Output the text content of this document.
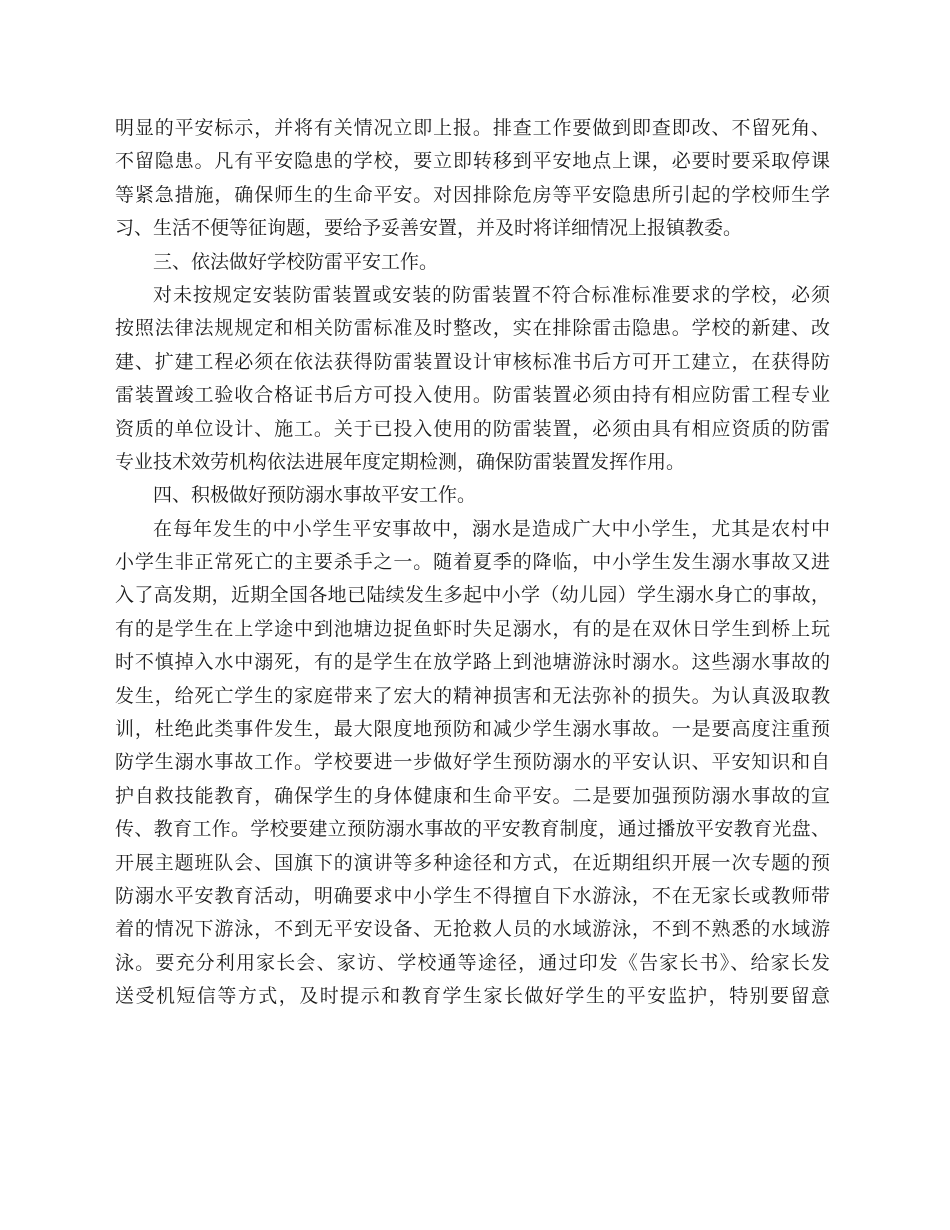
明显的平安标示，并将有关情况立即上报。排查工作要做到即查即改、不留死角、
不留隐患。凡有平安隐患的学校，要立即转移到平安地点上课，必要时要采取停课
等紧急措施，确保师生的生命平安。对因排除危房等平安隐患所引起的学校师生学
习、生活不便等征询题，要给予妥善安置，并及时将详细情况上报镇教委。
三、依法做好学校防雷平安工作。
对未按规定安装防雷装置或安装的防雷装置不符合标准标准要求的学校，必须
按照法律法规规定和相关防雷标准及时整改，实在排除雷击隐患。学校的新建、改
建、扩建工程必须在依法获得防雷装置设计审核标准书后方可开工建立，在获得防
雷装置竣工验收合格证书后方可投入使用。防雷装置必须由持有相应防雷工程专业
资质的单位设计、施工。关于已投入使用的防雷装置，必须由具有相应资质的防雷
专业技术效劳机构依法进展年度定期检测，确保防雷装置发挥作用。
四、积极做好预防溺水事故平安工作。
在每年发生的中小学生平安事故中，溺水是造成广大中小学生，尤其是农村中
小学生非正常死亡的主要杀手之一。随着夏季的降临，中小学生发生溺水事故又进
入了高发期，近期全国各地已陆续发生多起中小学（幼儿园）学生溺水身亡的事故，
有的是学生在上学途中到池塘边捉鱼虾时失足溺水，有的是在双休日学生到桥上玩
时不慎掉入水中溺死，有的是学生在放学路上到池塘游泳时溺水。这些溺水事故的
发生，给死亡学生的家庭带来了宏大的精神损害和无法弥补的损失。为认真汲取教
训，杜绝此类事件发生，最大限度地预防和减少学生溺水事故。一是要高度注重预
防学生溺水事故工作。学校要进一步做好学生预防溺水的平安认识、平安知识和自
护自救技能教育，确保学生的身体健康和生命平安。二是要加强预防溺水事故的宣
传、教育工作。学校要建立预防溺水事故的平安教育制度，通过播放平安教育光盘、
开展主题班队会、国旗下的演讲等多种途径和方式，在近期组织开展一次专题的预
防溺水平安教育活动，明确要求中小学生不得擅自下水游泳，不在无家长或教师带
着的情况下游泳，不到无平安设备、无抢救人员的水域游泳，不到不熟悉的水域游
泳。要充分利用家长会、家访、学校通等途径，通过印发《告家长书》、给家长发
送受机短信等方式，及时提示和教育学生家长做好学生的平安监护，特别要留意
